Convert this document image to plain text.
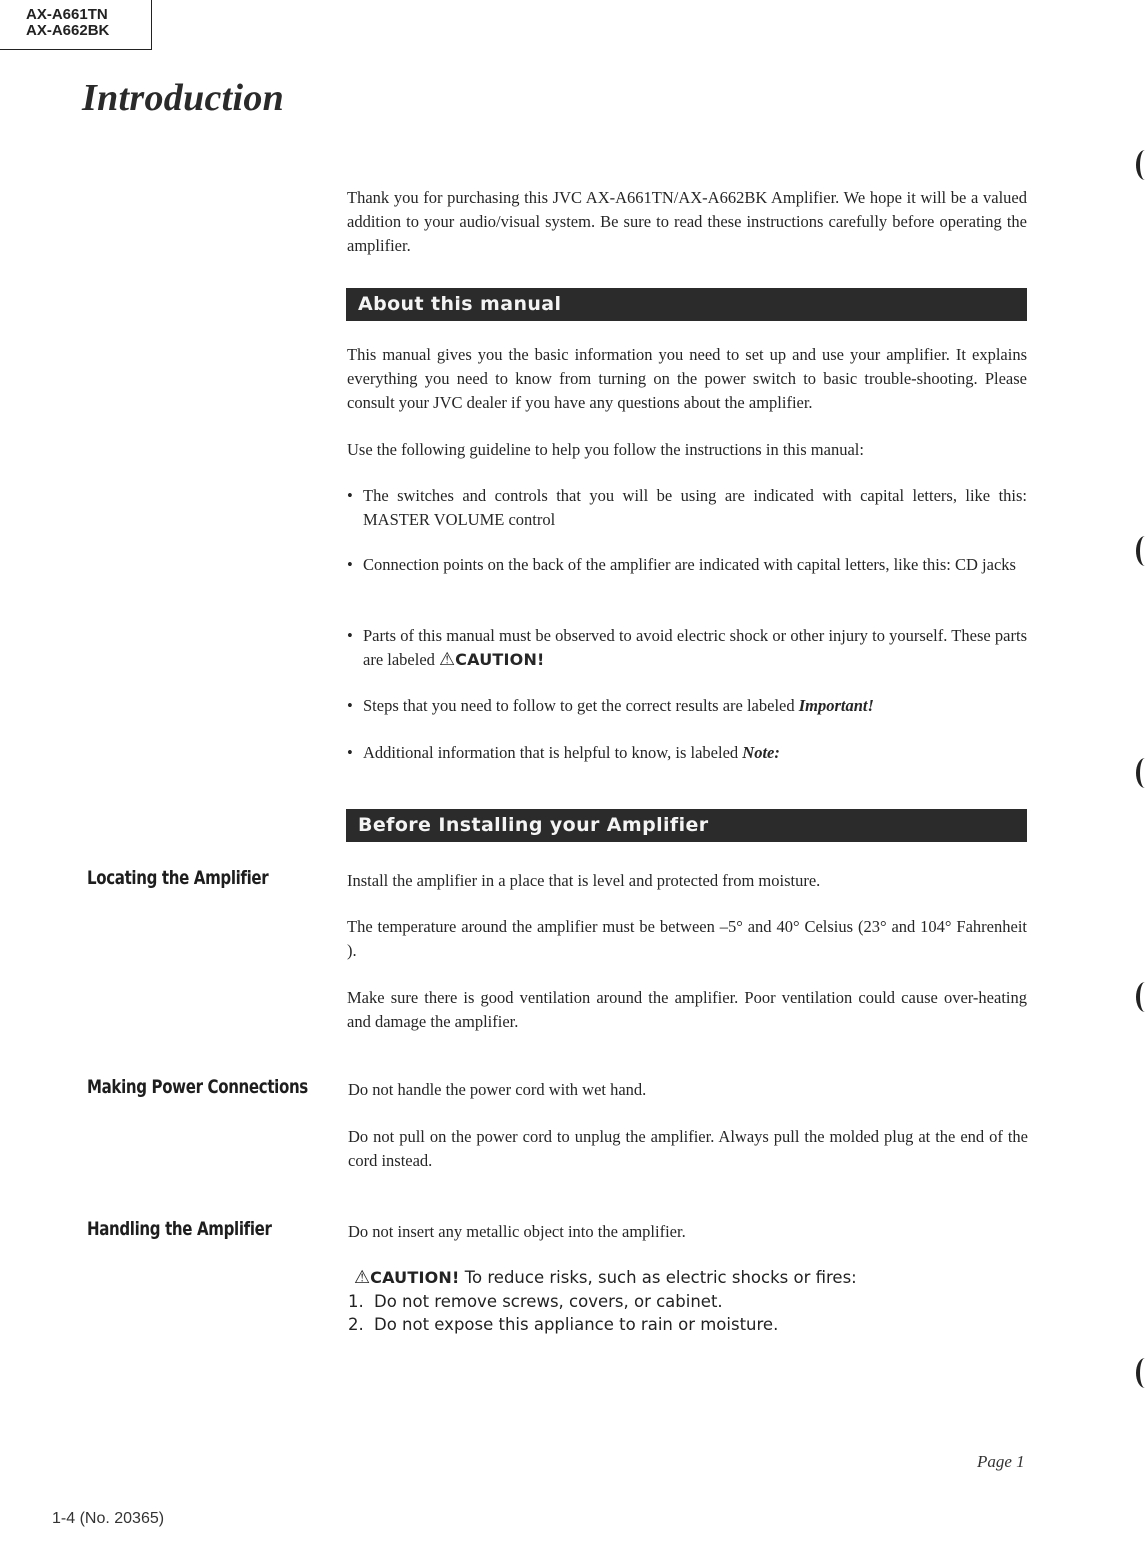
AX-A661TN
AX-A662BK
Introduction

Thank you for purchasing this JVC AX-A661TN/AX-A662BK Amplifier. We hope it will be a valued addition to your audio/visual system. Be sure to read these instructions carefully before operating the amplifier.

About this manual

This manual gives you the basic information you need to set up and use your amplifier. It explains everything you need to know from turning on the power switch to basic trouble-shooting. Please consult your JVC dealer if you have any questions about the amplifier.

Use the following guideline to help you follow the instructions in this manual:

• The switches and controls that you will be using are indicated with capital letters, like this: MASTER VOLUME control
• Connection points on the back of the amplifier are indicated with capital letters, like this: CD jacks
• Parts of this manual must be observed to avoid electric shock or other injury to yourself. These parts are labeled ⚠CAUTION!
• Steps that you need to follow to get the correct results are labeled Important!
• Additional information that is helpful to know, is labeled Note:
Before Installing your Amplifier
Locating the Amplifier	Install the amplifier in a place that is level and protected from moisture.

The temperature around the amplifier must be between –5° and 40° Celsius (23° and 104° Fahrenheit ).

Make sure there is good ventilation around the amplifier. Poor ventilation could cause over-heating and damage the amplifier.

Making Power Connections Do not handle the power cord with wet hand.

Do not pull on the power cord to unplug the amplifier. Always pull the molded plug at the end of the cord instead.

Handling the Amplifier	Do not insert any metallic object into the amplifier.

⚠CAUTION! To reduce risks, such as electric shocks or fires:
1. Do not remove screws, covers, or cabinet.
2. Do not expose this appliance to rain or moisture.
Page 1
1-4 (No. 20365)
